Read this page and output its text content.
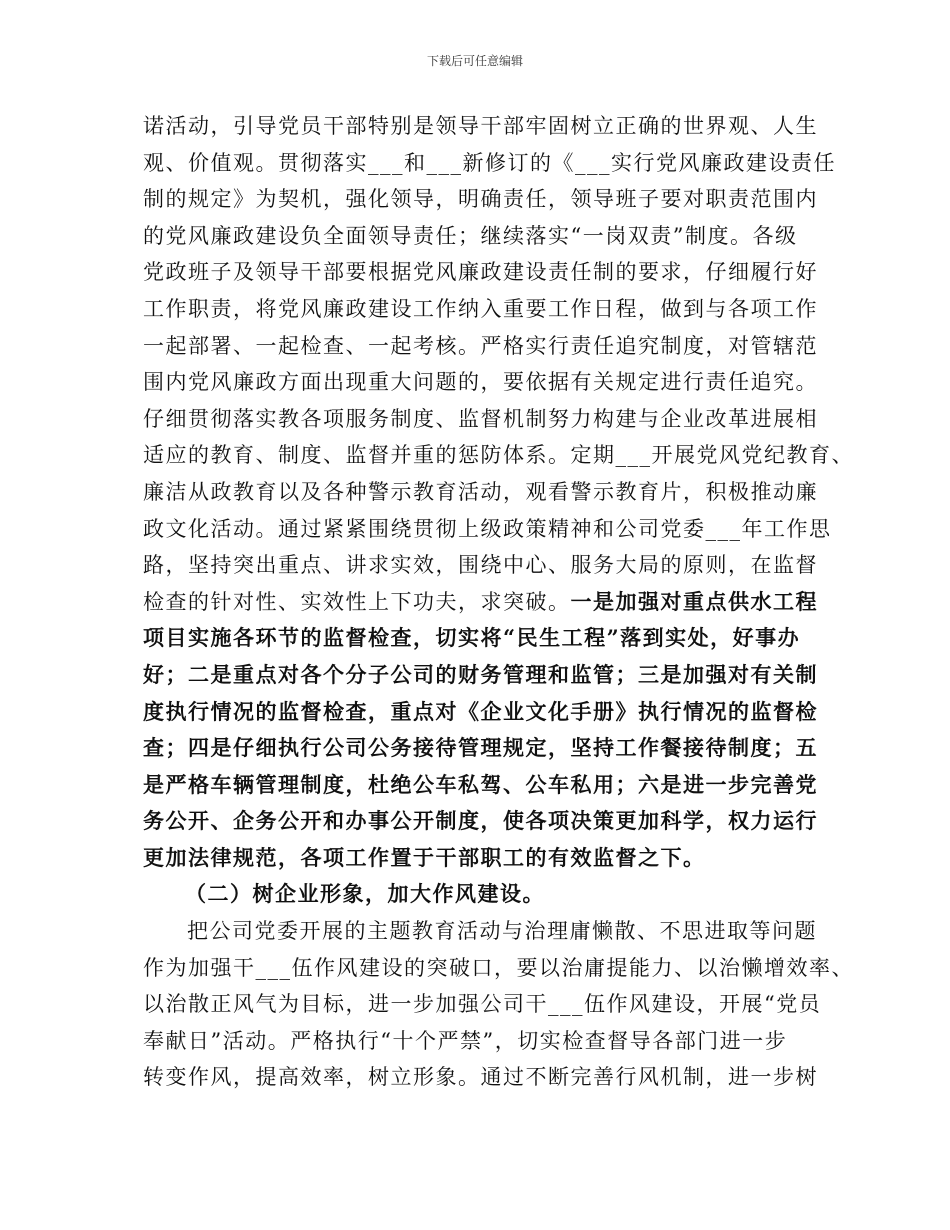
下载后可任意编辑
诺活动，引导党员干部特别是领导干部牢固树立正确的世界观、人生
观、价值观。贯彻落实___和___新修订的《___实行党风廉政建设责任
制的规定》为契机，强化领导，明确责任，领导班子要对职责范围内
的党风廉政建设负全面领导责任；继续落实“一岗双责”制度。各级
党政班子及领导干部要根据党风廉政建设责任制的要求，仔细履行好
工作职责，将党风廉政建设工作纳入重要工作日程，做到与各项工作
一起部署、一起检查、一起考核。严格实行责任追究制度，对管辖范
围内党风廉政方面出现重大问题的，要依据有关规定进行责任追究。
仔细贯彻落实教各项服务制度、监督机制努力构建与企业改革进展相
适应的教育、制度、监督并重的惩防体系。定期___开展党风党纪教育、
廉洁从政教育以及各种警示教育活动，观看警示教育片，积极推动廉
政文化活动。通过紧紧围绕贯彻上级政策精神和公司党委___年工作思
路，坚持突出重点、讲求实效，围绕中心、服务大局的原则，在监督
检查的针对性、实效性上下功夫，求突破。一是加强对重点供水工程
项目实施各环节的监督检查，切实将“民生工程”落到实处，好事办
好；二是重点对各个分子公司的财务管理和监管；三是加强对有关制
度执行情况的监督检查，重点对《企业文化手册》执行情况的监督检
查；四是仔细执行公司公务接待管理规定，坚持工作餐接待制度；五
是严格车辆管理制度，杜绝公车私驾、公车私用；六是进一步完善党
务公开、企务公开和办事公开制度，使各项决策更加科学，权力运行
更加法律规范，各项工作置于干部职工的有效监督之下。
（二）树企业形象，加大作风建设。
把公司党委开展的主题教育活动与治理庸懒散、不思进取等问题
作为加强干___伍作风建设的突破口，要以治庸提能力、以治懒增效率、
以治散正风气为目标，进一步加强公司干___伍作风建设，开展“党员
奉献日”活动。严格执行“十个严禁”，切实检查督导各部门进一步
转变作风，提高效率，树立形象。通过不断完善行风机制，进一步树
